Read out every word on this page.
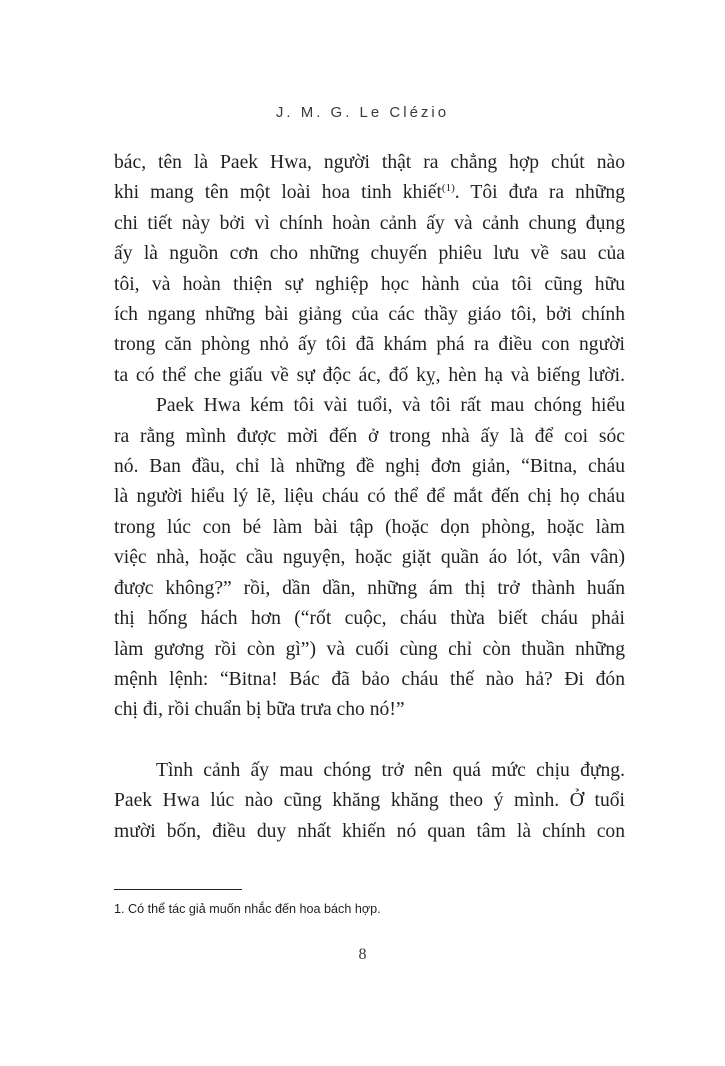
J. M. G. Le Clézio

bác, tên là Paek Hwa, người thật ra chẳng hợp chút nào
khi mang tên một loài hoa tinh khiết$^{(1)}$. Tôi đưa ra những
chi tiết này bởi vì chính hoàn cảnh ấy và cảnh chung đụng
ấy là nguồn cơn cho những chuyến phiêu lưu về sau của
tôi, và hoàn thiện sự nghiệp học hành của tôi cũng hữu
ích ngang những bài giảng của các thầy giáo tôi, bởi chính
trong căn phòng nhỏ ấy tôi đã khám phá ra điều con người
ta có thể che giấu về sự độc ác, đố kỵ, hèn hạ và biếng lười.

Paek Hwa kém tôi vài tuổi, và tôi rất mau chóng hiểu
ra rằng mình được mời đến ở trong nhà ấy là để coi sóc
nó. Ban đầu, chỉ là những đề nghị đơn giản, “Bitna, cháu
là người hiểu lý lẽ, liệu cháu có thể để mắt đến chị họ cháu
trong lúc con bé làm bài tập (hoặc dọn phòng, hoặc làm
việc nhà, hoặc cầu nguyện, hoặc giặt quần áo lót, vân vân)
được không?” rồi, dần dần, những ám thị trở thành huấn
thị hống hách hơn (“rốt cuộc, cháu thừa biết cháu phải
làm gương rồi còn gì”) và cuối cùng chỉ còn thuần những
mệnh lệnh: “Bitna! Bác đã bảo cháu thế nào hả? Đi đón
chị đi, rồi chuẩn bị bữa trưa cho nó!”

Tình cảnh ấy mau chóng trở nên quá mức chịu đựng.
Paek Hwa lúc nào cũng khăng khăng theo ý mình. Ở tuổi
mười bốn, điều duy nhất khiến nó quan tâm là chính con

1. Có thể tác giả muốn nhắc đến hoa bách hợp.
8
